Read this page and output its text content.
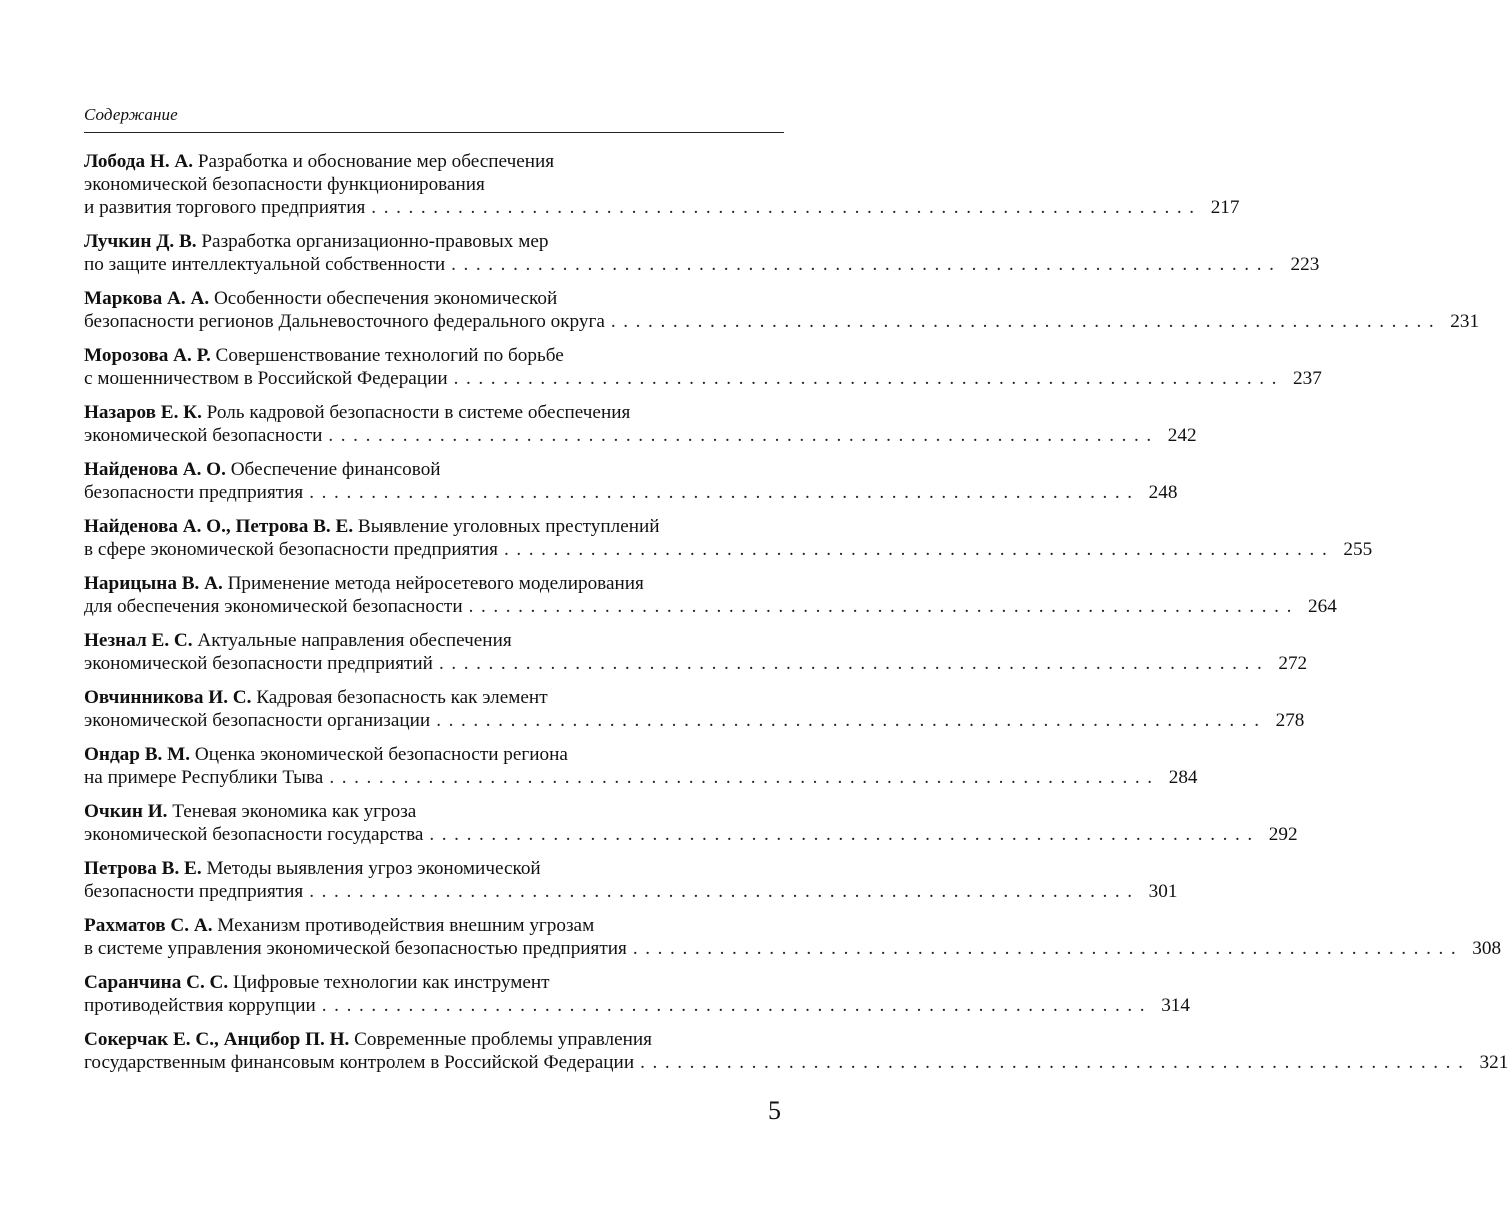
Содержание
Лобода Н. А. Разработка и обоснование мер обеспечения
экономической безопасности функционирования
и развития торгового предприятия . . . . . . . . . . . . . . . . . . . . . . . . . . . . . . . . . . . . . . . . . . . . . . . . . . . . . . . . . . . . . . . . . . . 217
Лучкин Д. В. Разработка организационно-правовых мер
по защите интеллектуальной собственности . . . . . . . . . . . . . . . . . . . . . . . . . . . . . . . . . . . . . . . . . . . . . . . . . . . . . . . . . . . . . . . . . . . 223
Маркова А. А. Особенности обеспечения экономической
безопасности регионов Дальневосточного федерального округа . . . . . . . . . . . . . . . . . . . . . . . . . . . . . . . . . . . . . . . . . . . . . . . . . . . . . . . . . . . . . . . . . . . 231
Морозова А. Р. Совершенствование технологий по борьбе
с мошенничеством в Российской Федерации . . . . . . . . . . . . . . . . . . . . . . . . . . . . . . . . . . . . . . . . . . . . . . . . . . . . . . . . . . . . . . . . . . . 237
Назаров Е. К. Роль кадровой безопасности в системе обеспечения
экономической безопасности . . . . . . . . . . . . . . . . . . . . . . . . . . . . . . . . . . . . . . . . . . . . . . . . . . . . . . . . . . . . . . . . . . . 242
Найденова А. О. Обеспечение финансовой
безопасности предприятия . . . . . . . . . . . . . . . . . . . . . . . . . . . . . . . . . . . . . . . . . . . . . . . . . . . . . . . . . . . . . . . . . . . 248
Найденова А. О., Петрова В. Е. Выявление уголовных преступлений
в сфере экономической безопасности предприятия . . . . . . . . . . . . . . . . . . . . . . . . . . . . . . . . . . . . . . . . . . . . . . . . . . . . . . . . . . . . . . . . . . . 255
Нарицына В. А. Применение метода нейросетевого моделирования
для обеспечения экономической безопасности . . . . . . . . . . . . . . . . . . . . . . . . . . . . . . . . . . . . . . . . . . . . . . . . . . . . . . . . . . . . . . . . . . . 264
Незнал Е. С. Актуальные направления обеспечения
экономической безопасности предприятий . . . . . . . . . . . . . . . . . . . . . . . . . . . . . . . . . . . . . . . . . . . . . . . . . . . . . . . . . . . . . . . . . . . 272
Овчинникова И. С. Кадровая безопасность как элемент
экономической безопасности организации . . . . . . . . . . . . . . . . . . . . . . . . . . . . . . . . . . . . . . . . . . . . . . . . . . . . . . . . . . . . . . . . . . . 278
Ондар В. М. Оценка экономической безопасности региона
на примере Республики Тыва . . . . . . . . . . . . . . . . . . . . . . . . . . . . . . . . . . . . . . . . . . . . . . . . . . . . . . . . . . . . . . . . . . . 284
Очкин И. Теневая экономика как угроза
экономической безопасности государства . . . . . . . . . . . . . . . . . . . . . . . . . . . . . . . . . . . . . . . . . . . . . . . . . . . . . . . . . . . . . . . . . . . 292
Петрова В. Е. Методы выявления угроз экономической
безопасности предприятия . . . . . . . . . . . . . . . . . . . . . . . . . . . . . . . . . . . . . . . . . . . . . . . . . . . . . . . . . . . . . . . . . . . 301
Рахматов С. А. Механизм противодействия внешним угрозам
в системе управления экономической безопасностью предприятия . . . . . . . . . . . . . . . . . . . . . . . . . . . . . . . . . . . . . . . . . . . . . . . . . . . . . . . . . . . . . . . . . . . 308
Саранчина С. С. Цифровые технологии как инструмент
противодействия коррупции . . . . . . . . . . . . . . . . . . . . . . . . . . . . . . . . . . . . . . . . . . . . . . . . . . . . . . . . . . . . . . . . . . . 314
Сокерчак Е. С., Анцибор П. Н. Современные проблемы управления
государственным финансовым контролем в Российской Федерации . . . . . . . . . . . . . . . . . . . . . . . . . . . . . . . . . . . . . . . . . . . . . . . . . . . . . . . . . . . . . . . . . . . 321
5
